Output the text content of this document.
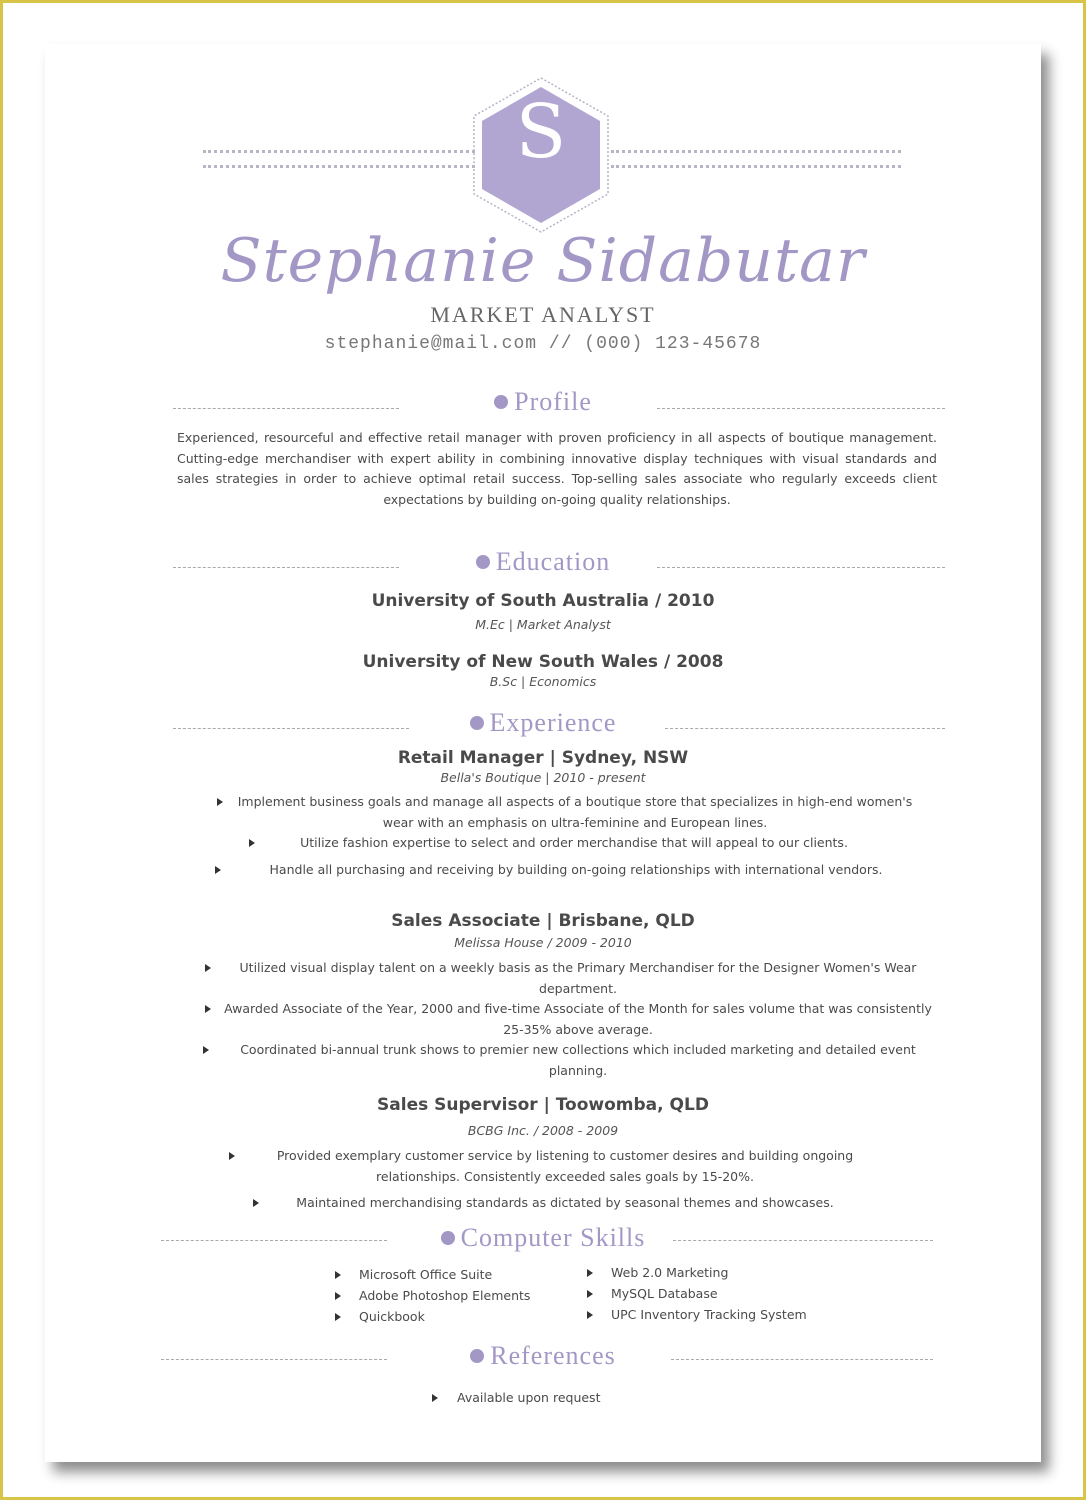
S
Stephanie Sidabutar
MARKET ANALYST
stephanie@mail.com // (000) 123-45678
Profile
Experienced, resourceful and effective retail manager with proven proficiency in all aspects of boutique management. Cutting-edge merchandiser with expert ability in combining innovative display techniques with visual standards and sales strategies in order to achieve optimal retail success. Top-selling sales associate who regularly exceeds client expectations by building on-going quality relationships.
Education
University of South Australia / 2010
M.Ec | Market Analyst
University of New South Wales / 2008
B.Sc | Economics
Experience
Retail Manager | Sydney, NSW
Bella's Boutique | 2010 - present
Implement business goals and manage all aspects of a boutique store that specializes in high-end women's wear with an emphasis on ultra-feminine and European lines.
Utilize fashion expertise to select and order merchandise that will appeal to our clients.
Handle all purchasing and receiving by building on-going relationships with international vendors.
Sales Associate | Brisbane, QLD
Melissa House / 2009 - 2010
Utilized visual display talent on a weekly basis as the Primary Merchandiser for the Designer Women's Wear department.
Awarded Associate of the Year, 2000 and five-time Associate of the Month for sales volume that was consistently 25-35% above average.
Coordinated bi-annual trunk shows to premier new collections which included marketing and detailed event planning.
Sales Supervisor | Toowomba, QLD
BCBG Inc. / 2008 - 2009
Provided exemplary customer service by listening to customer desires and building ongoing relationships. Consistently exceeded sales goals by 15-20%.
Maintained merchandising standards as dictated by seasonal themes and showcases.
Computer Skills
Microsoft Office Suite
Adobe Photoshop Elements
Quickbook
Web 2.0 Marketing
MySQL Database
UPC Inventory Tracking System
References
Available upon request
